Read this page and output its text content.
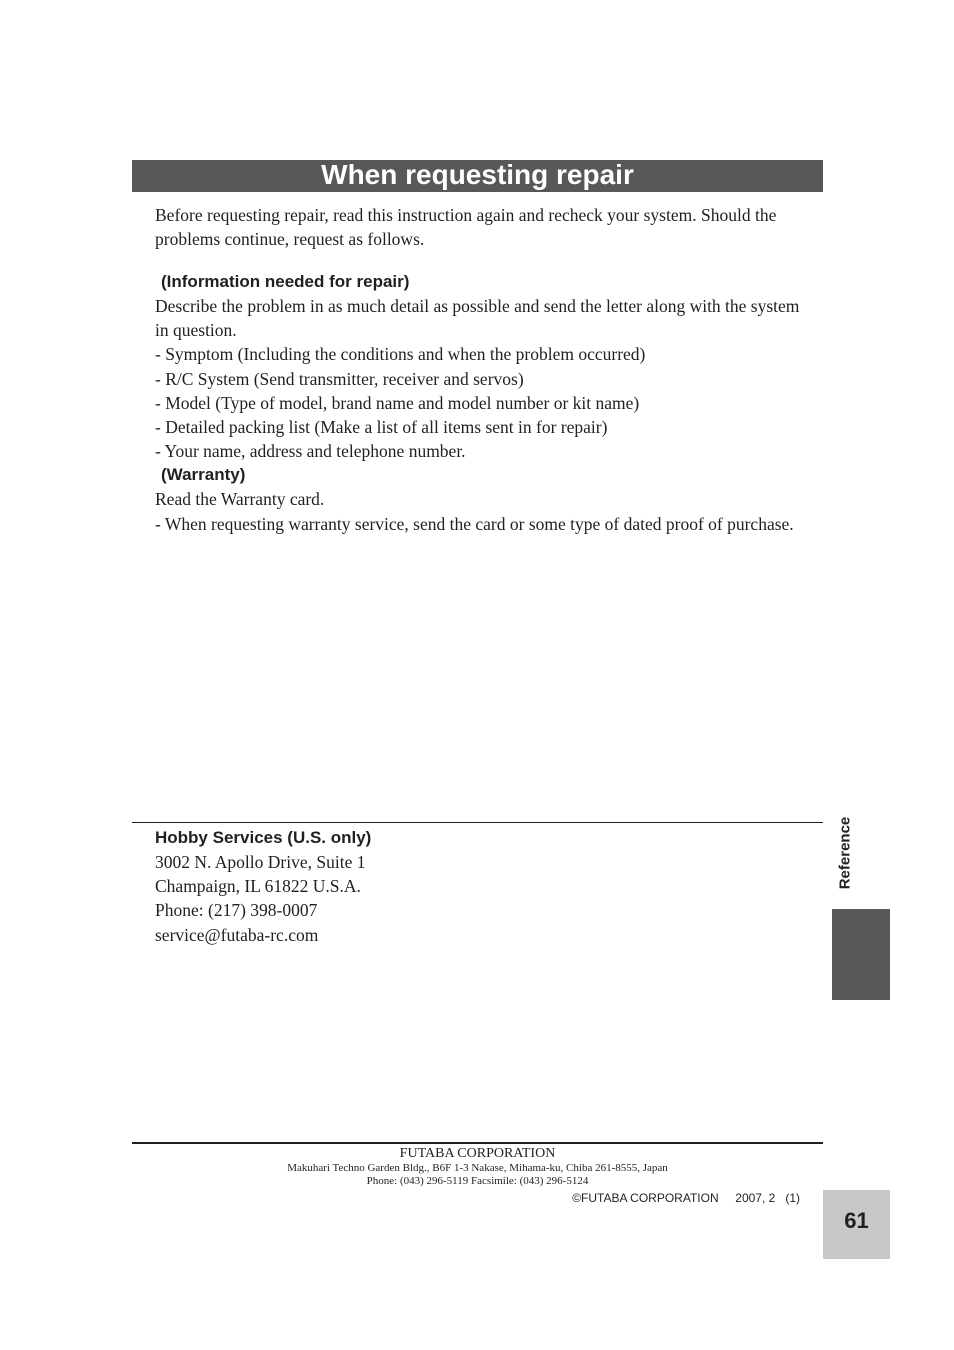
When requesting repair

Before requesting repair, read this instruction again and recheck your system. Should the problems continue, request as follows.

(Information needed for repair)

Describe the problem in as much detail as possible and send the letter along with the system in question.

- Symptom (Including the conditions and when the problem occurred)

- R/C System (Send transmitter, receiver and servos)

- Model (Type of model, brand name and model number or kit name)

- Detailed packing list (Make a list of all items sent in for repair)

- Your name, address and telephone number.

(Warranty)

Read the Warranty card.

- When requesting warranty service, send the card or some type of dated proof of purchase.

Hobby Services (U.S. only)

3002 N. Apollo Drive, Suite 1

Champaign, IL 61822 U.S.A.

Phone: (217) 398-0007

service@futaba-rc.com

Reference
FUTABA CORPORATION
Makuhari Techno Garden Bldg., B6F 1-3 Nakase, Mihama-ku, Chiba 261-8555, Japan
Phone: (043) 296-5119 Facsimile: (043) 296-5124
©FUTABA CORPORATION     2007, 2   (1)
61
